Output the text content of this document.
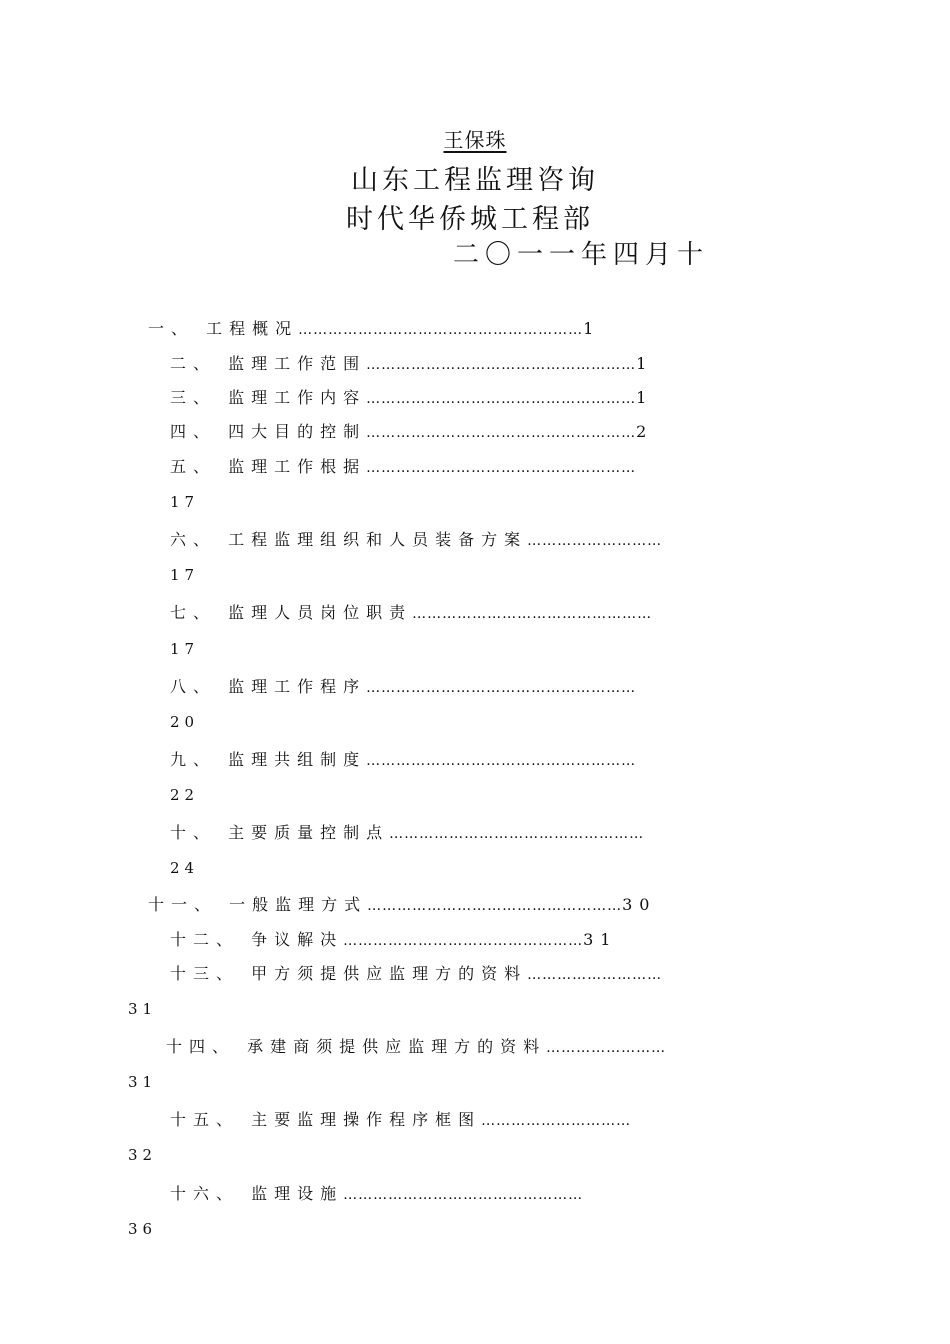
王保珠
山东工程监理咨询
时代华侨城工程部
二〇一一年四月十
一、 工程概况…………………………………………………1
二、 监理工作范围………………………………………………1
三、 监理工作内容………………………………………………1
四、 四大目的控制………………………………………………2
五、 监理工作根据………………………………………………
17
六、 工程监理组织和人员装备方案………………………
17
七、 监理人员岗位职责…………………………………………
17
八、 监理工作程序………………………………………………
20
九、 监理共组制度………………………………………………
22
十、 主要质量控制点……………………………………………
24
十一、 一般监理方式……………………………………………30
十二、 争议解决…………………………………………31
十三、 甲方须提供应监理方的资料………………………
31
十四、 承建商须提供应监理方的资料……………………
31
十五、 主要监理操作程序框图…………………………
32
十六、 监理设施…………………………………………
36
